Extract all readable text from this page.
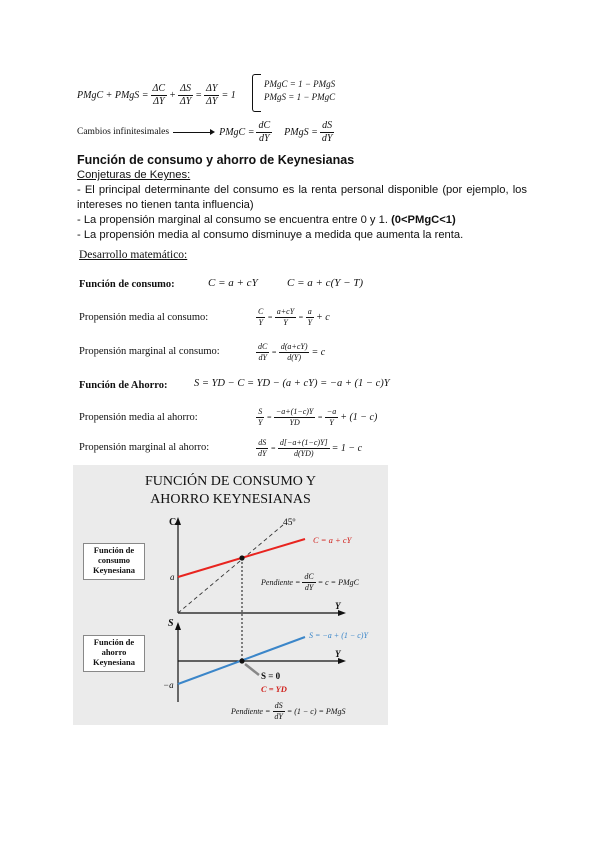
PMgC + PMgS = $\frac{\Delta C}{\Delta Y} + \frac{\Delta S}{\Delta Y} = \frac{\Delta Y}{\Delta Y} = 1$
PMgC = 1 − PMgS
PMgS = 1 − PMgC
Cambios infinitesimales	PMgC = $\frac{dC}{dY}$ PMgS = $\frac{dS}{dY}$
Función de consumo y ahorro de Keynesianas
Conjeturas de Keynes:
- El principal determinante del consumo es la renta personal disponible (por ejemplo, los intereses no tienen tanta influencia)
- La propensión marginal al consumo se encuentra entre 0 y 1. (0<PMgC<1)
- La propensión media al consumo disminuye a medida que aumenta la renta.
Desarrollo matemático:
Función de consumo:	C = a + cY	C = a + c(Y − T)
Propensión media al consumo:	$\frac{C}{Y} = \frac{a+cY}{Y} = \frac{a}{Y} + c$
Propensión marginal al consumo:	$\frac{dC}{dY} = \frac{d(a+cY)}{d(Y)} = c$
Función de Ahorro:	S = YD − C = YD − (a + cY) = −a + (1 − c)Y
Propensión media al ahorro:	$\frac{S}{Y} = \frac{-a+(1-c)Y}{YD} = \frac{-a}{Y} + (1 - c)$
Propensión marginal al ahorro:	$\frac{dS}{dY} = \frac{d[-a+(1-c)Y]}{d(YD)} = 1 - c$
FUNCIÓN DE CONSUMO Y
AHORRO KEYNESIANAS
Función de consumo Keynesiana
Función de ahorro Keynesiana
C
Y
S
Y
45º
a
−a
C = a + cY
S = −a + (1 − c)Y
Pendiente = $\frac{dC}{dY} = c$ = PMgC
S = 0
C = YD
Pendiente = $\frac{dS}{dY} = (1 - c)$ = PMgS
